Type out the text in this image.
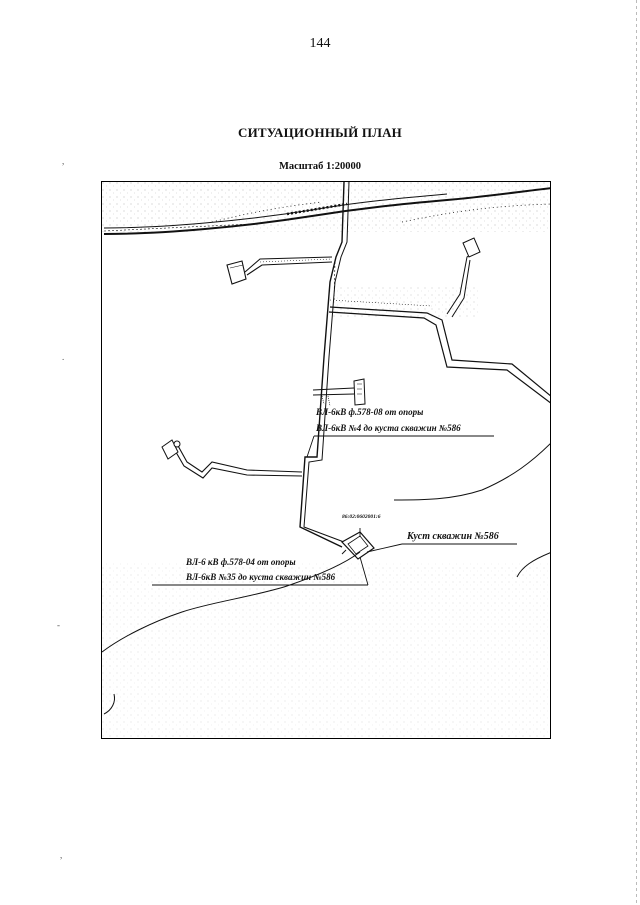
144
СИТУАЦИОННЫЙ ПЛАН
Масштаб 1:20000
,
.
-
,
ВЛ-6кВ ф.578-08 от опоры
ВЛ-6кВ №4 до куста скважин №586
86:02:0602001:6
Куст скважин №586
ВЛ-6 кВ ф.578-04 от опоры
ВЛ-6кВ №35 до куста скважин №586
